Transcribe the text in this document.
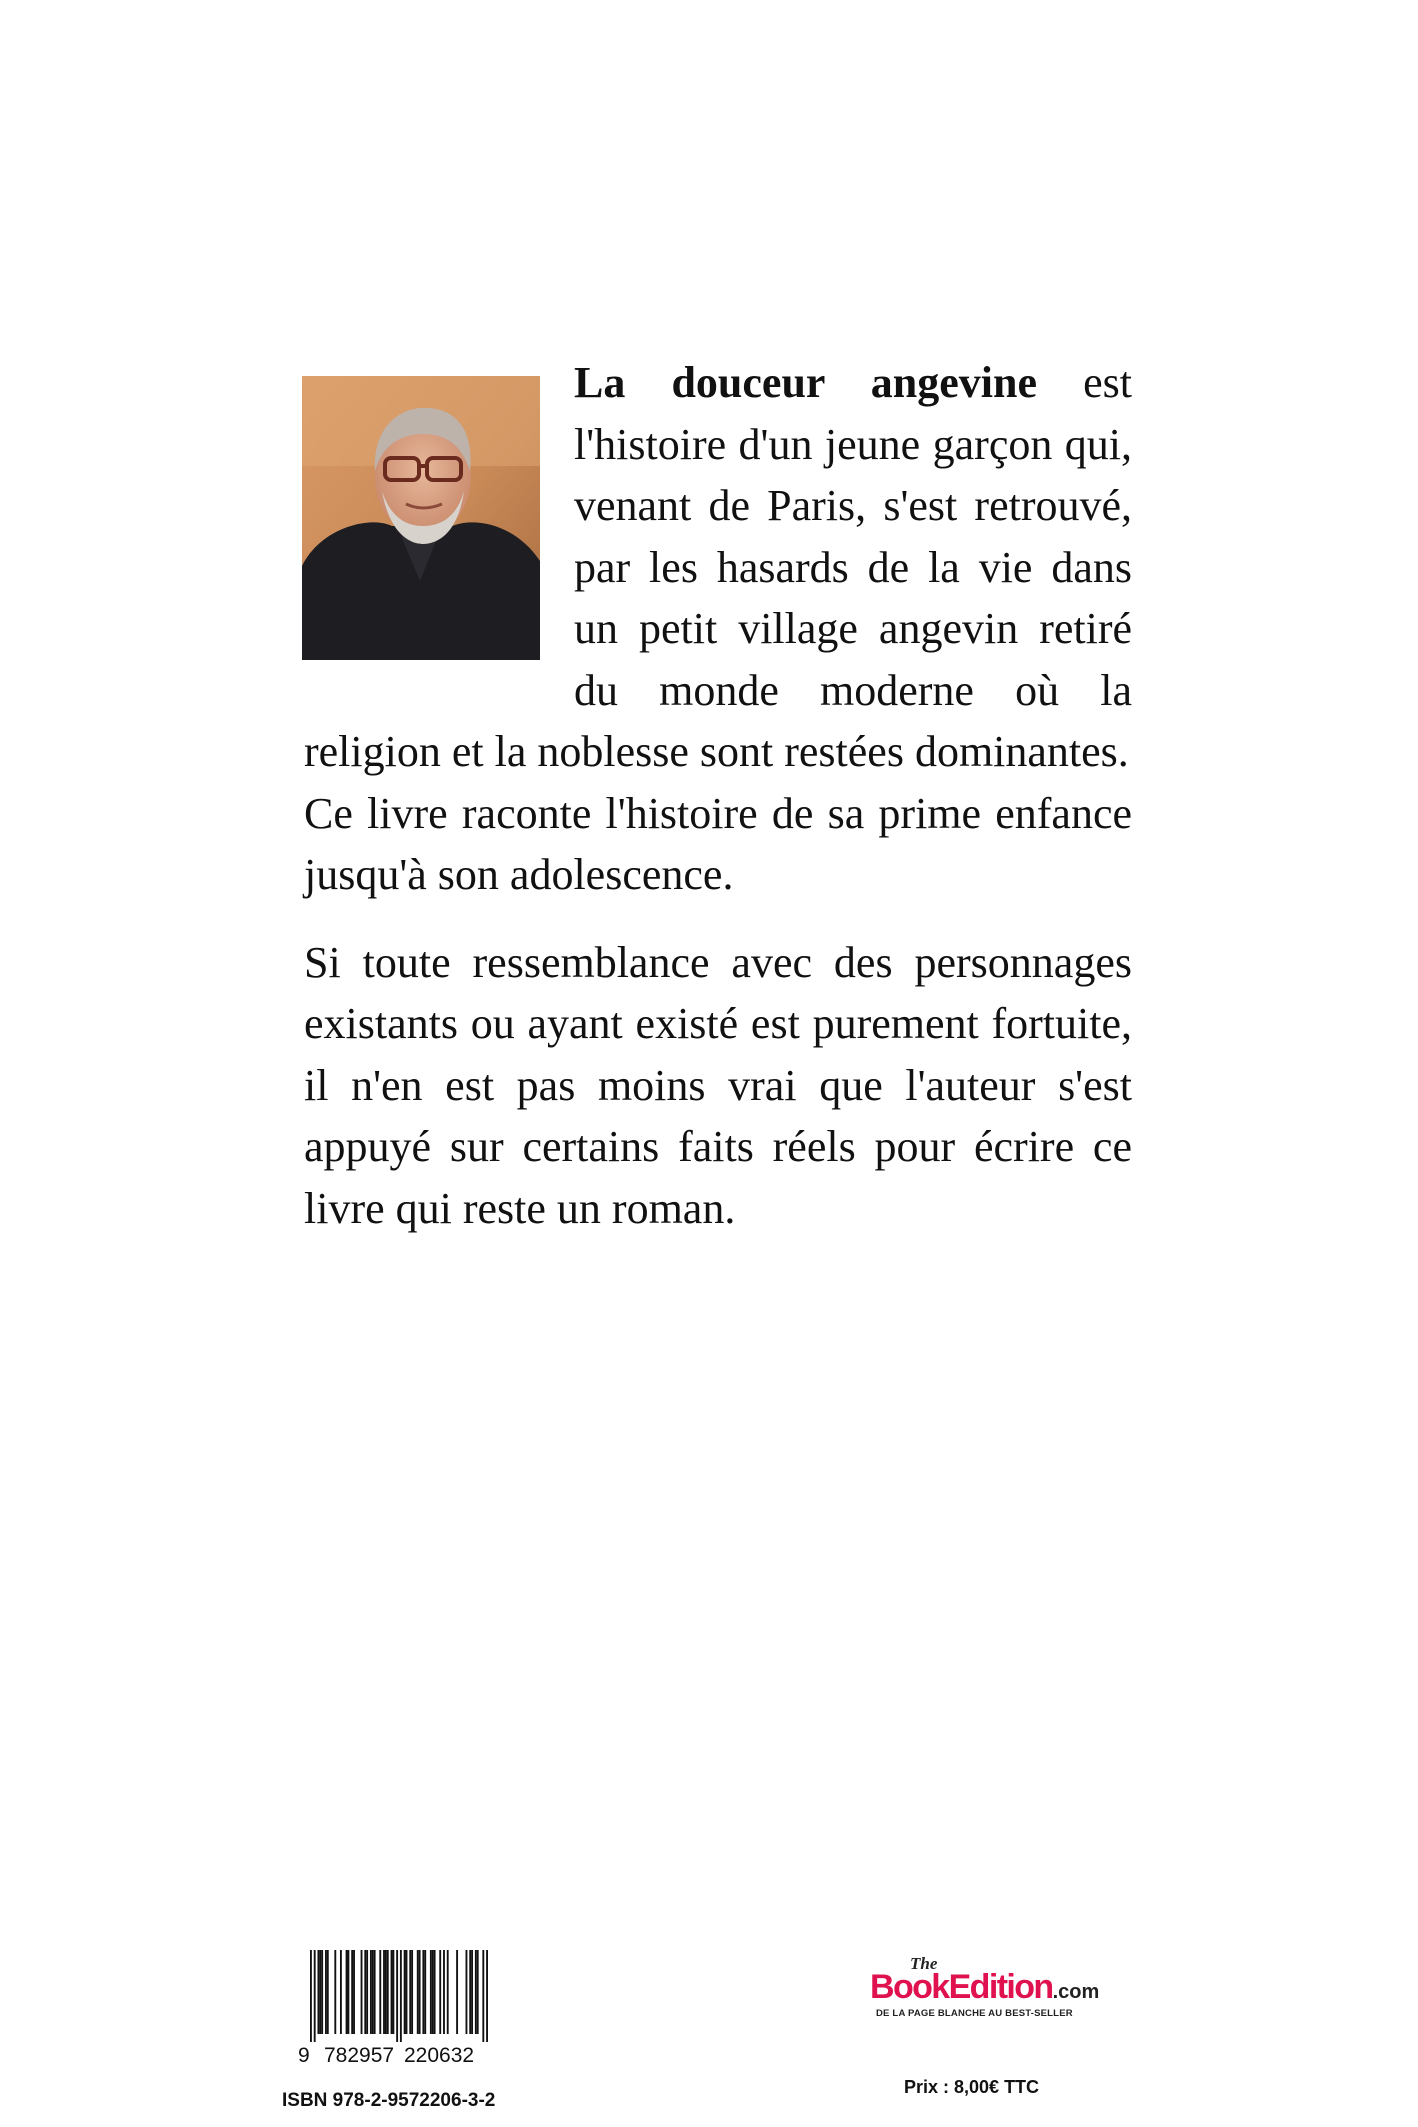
La douceur angevine est l'histoire d'un jeune garçon qui, venant de Paris, s'est retrouvé, par les hasards de la vie dans un petit village angevin retiré du monde moderne où la religion et la noblesse sont restées dominantes.

Ce livre raconte l'histoire de sa prime enfance jusqu'à son adolescence.

Si toute ressemblance avec des personnages existants ou ayant existé est purement fortuite, il n'en est pas moins vrai que l'auteur s'est appuyé sur certains faits réels pour écrire ce livre qui reste un roman.

9 782957 220632
ISBN 978-2-9572206-3-2
The
BookEdition.com
DE LA PAGE BLANCHE AU BEST-SELLER
Prix : 8,00€ TTC
